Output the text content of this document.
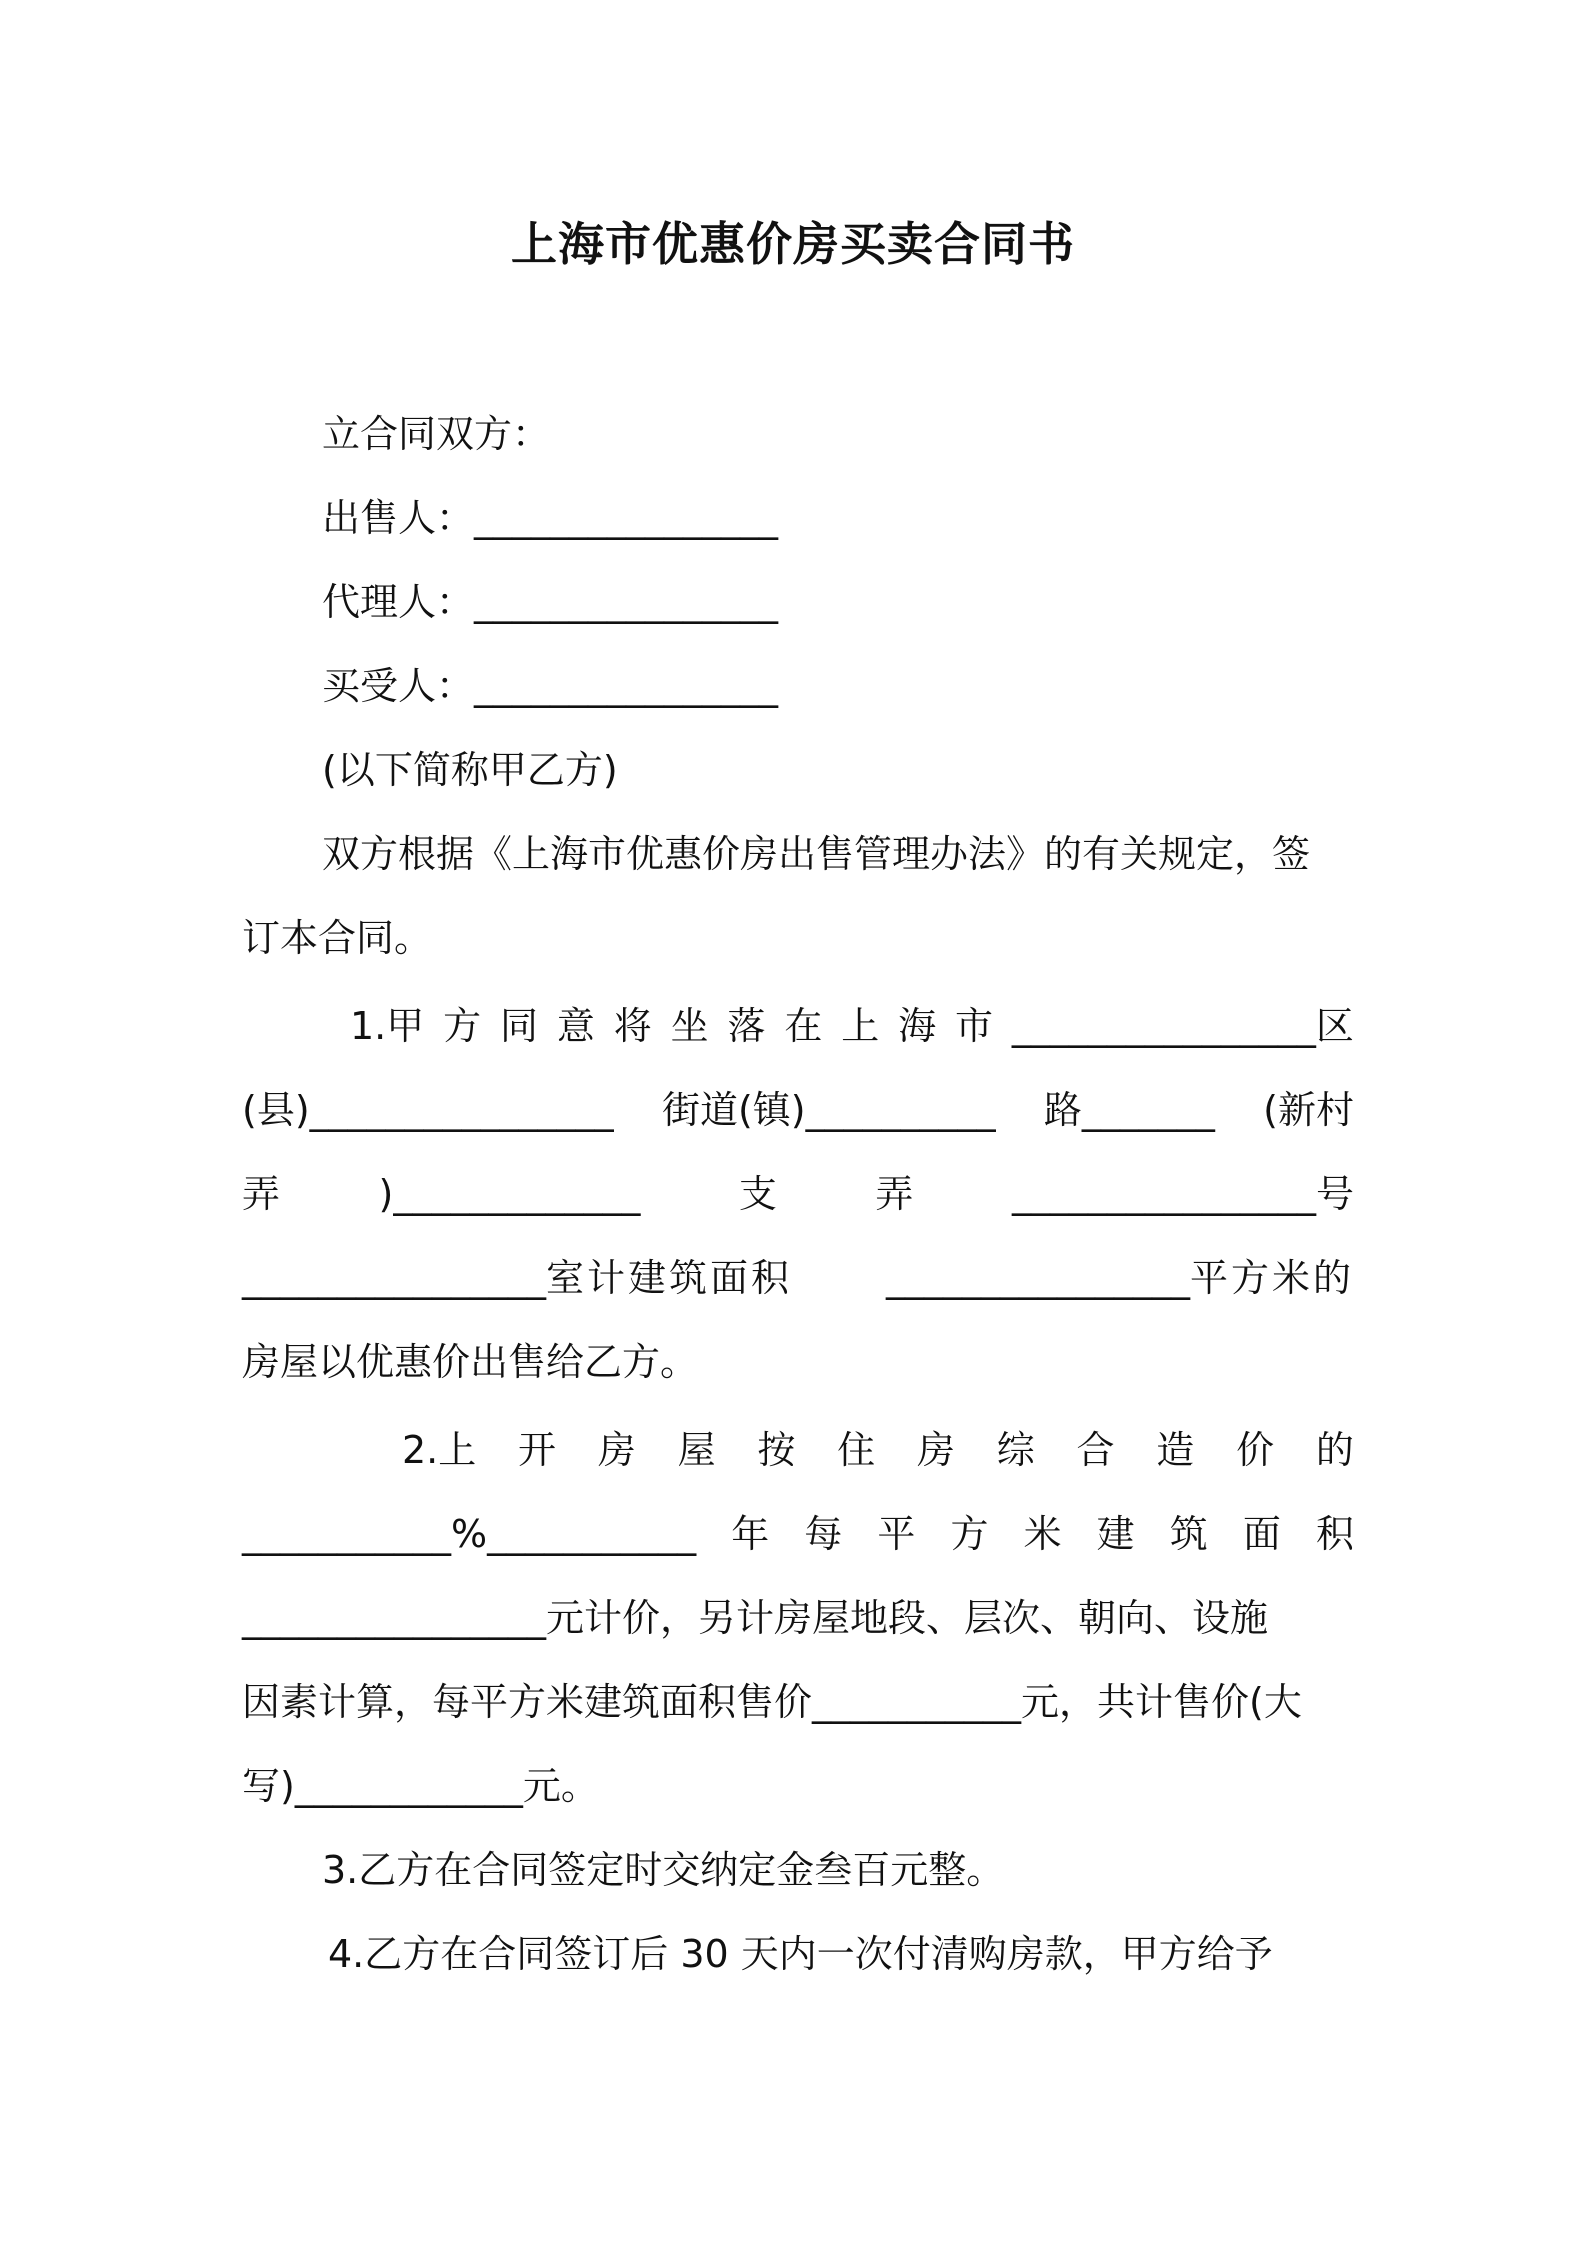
上海市优惠价房买卖合同书

立合同双方：

出售人：________________

代理人：________________

买受人：________________

(以下简称甲乙方)

双方根据《上海市优惠价房出售管理办法》的有关规定，签

订本合同。

1.甲 方 同 意 将 坐 落 在 上 海 市 ________________区

(县)________________ 街道(镇)__________ 路_______ (新村

弄	)_____________	支	弄	________________号

________________室计建筑面积 ________________平方米的

房屋以优惠价出售给乙方。

2.上 开 房 屋 按 住 房 综 合 造 价 的

___________%___________ 年 每 平 方 米 建 筑 面 积

________________元计价，另计房屋地段、层次、朝向、设施

因素计算，每平方米建筑面积售价___________元，共计售价(大

写)____________元。

3.乙方在合同签定时交纳定金叁百元整。

4.乙方在合同签订后 30 天内一次付清购房款，甲方给予
